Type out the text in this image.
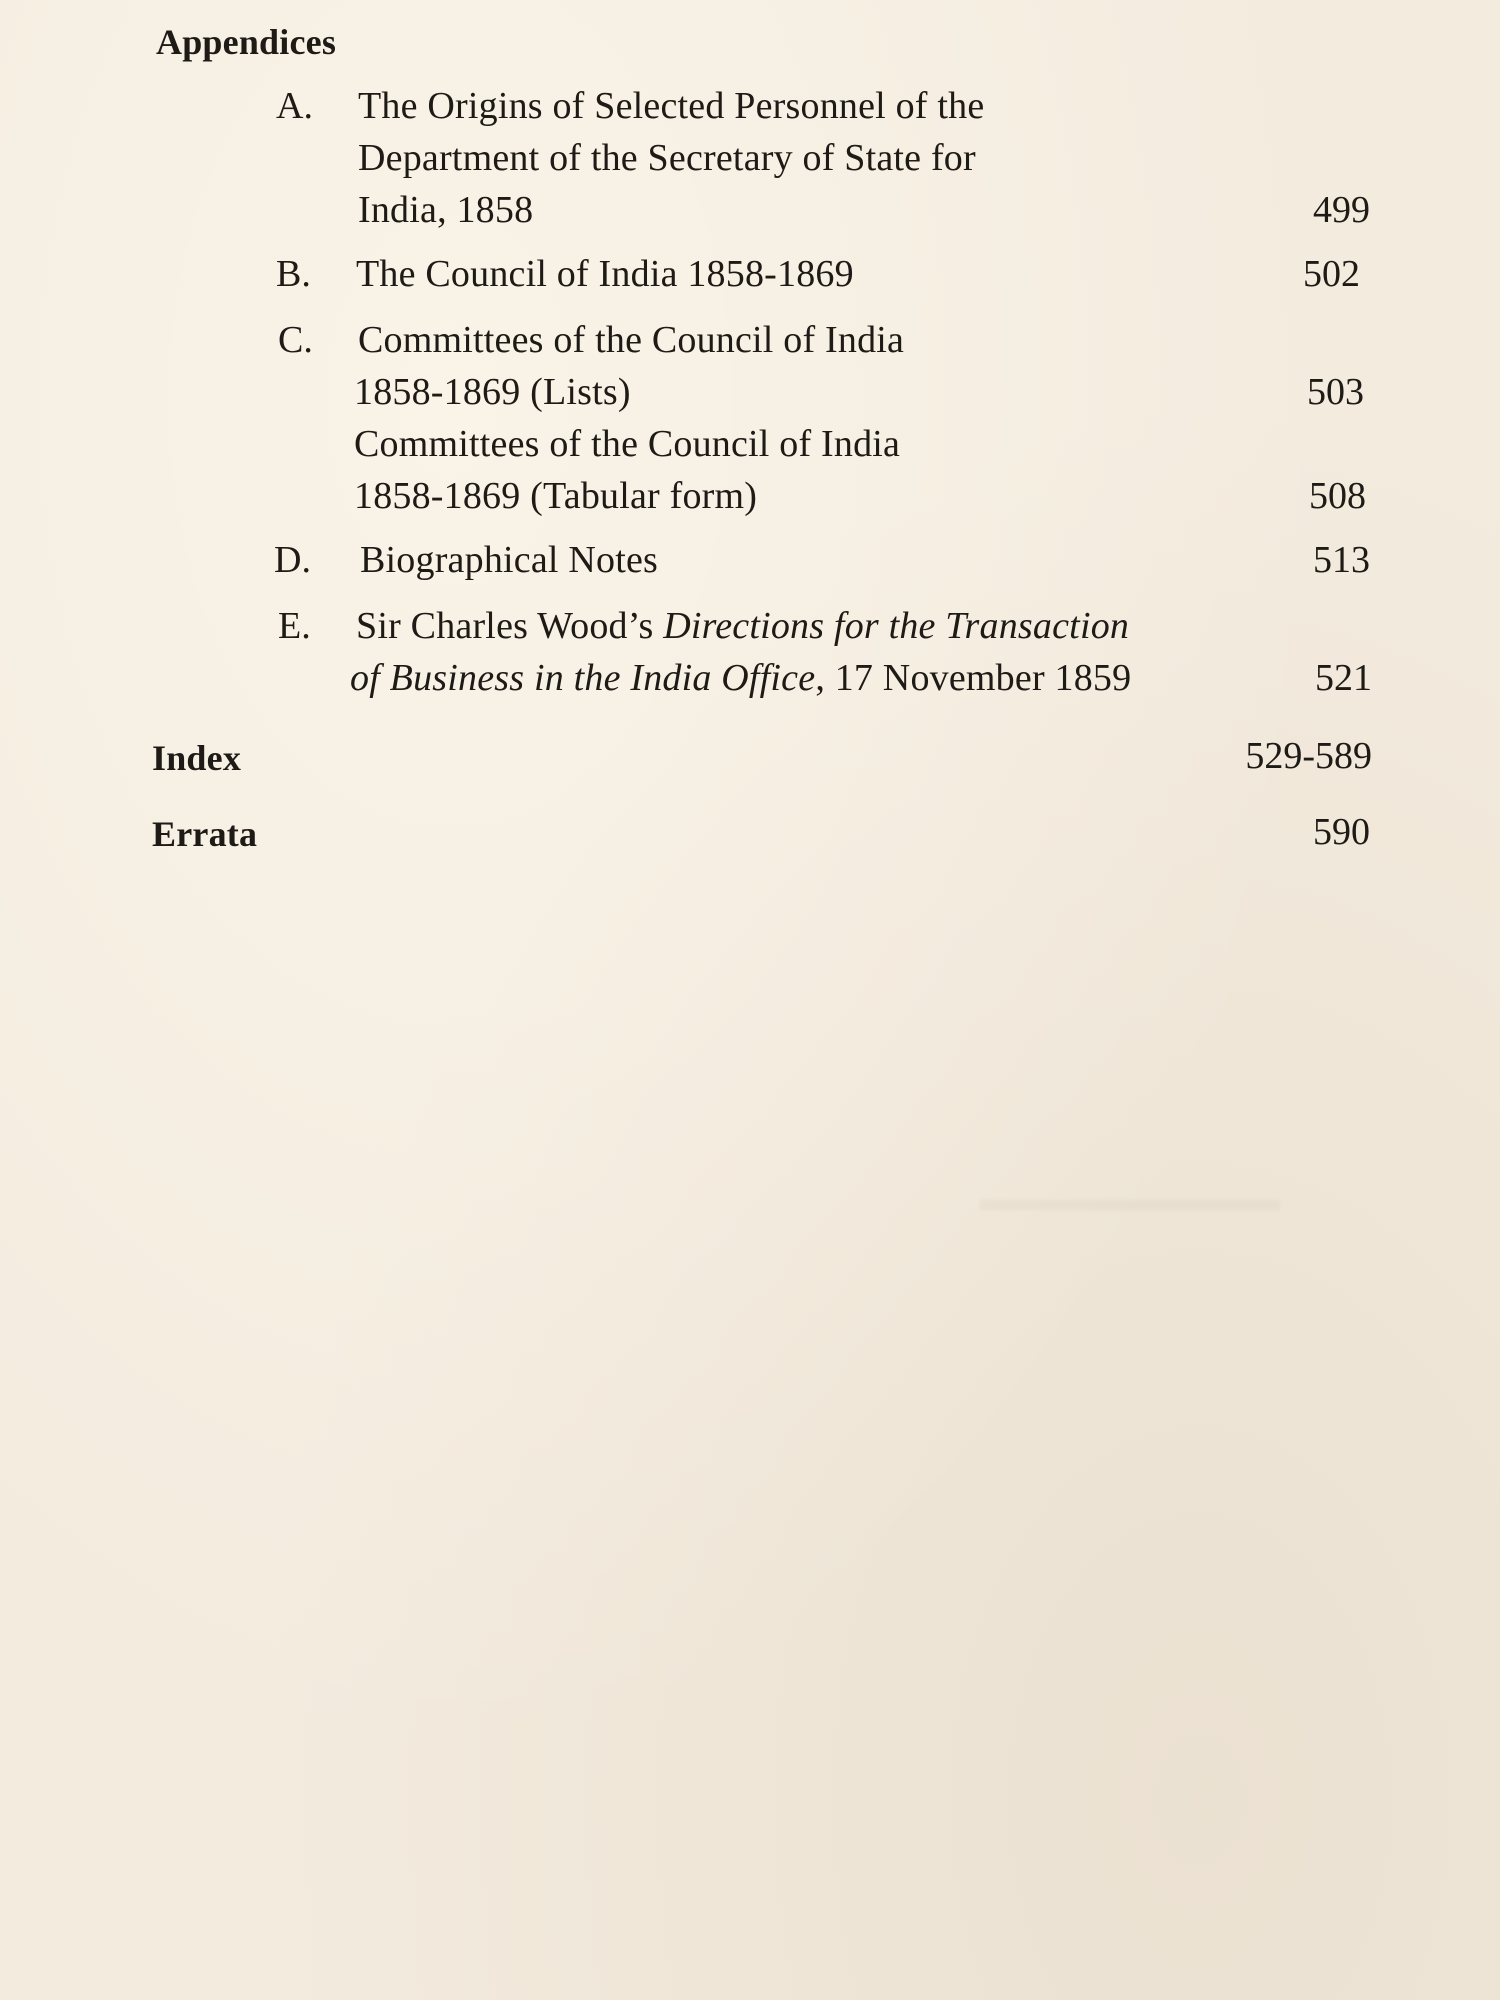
Appendices
A. The Origins of Selected Personnel of the
Department of the Secretary of State for
India, 1858	499
B. The Council of India 1858-1869	502
C. Committees of the Council of India
1858-1869 (Lists)	503
Committees of the Council of India
1858-1869 (Tabular form)	508
D. Biographical Notes	513
E. Sir Charles Wood’s Directions for the Transaction
of Business in the India Office, 17 November 1859	521
Index	529-589
Errata	590
